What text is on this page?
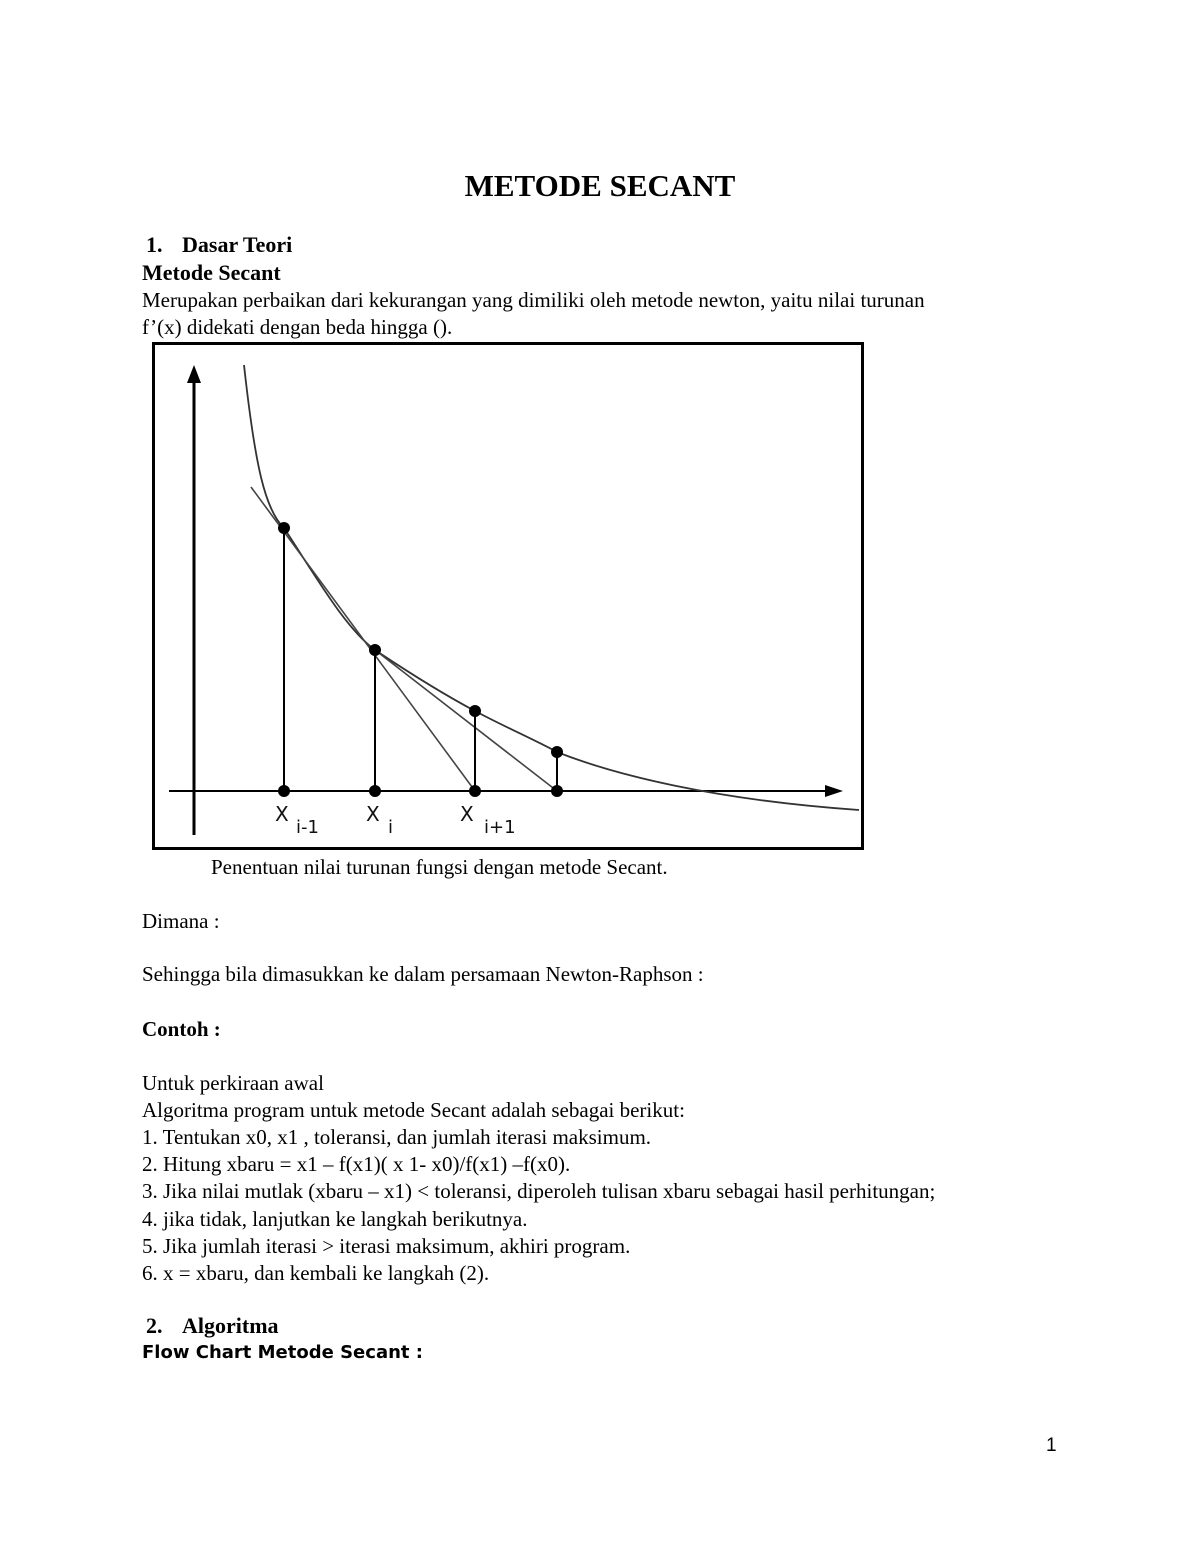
METODE SECANT
1. Dasar Teori
Metode Secant
Merupakan perbaikan dari kekurangan yang dimiliki oleh metode newton, yaitu nilai turunan
f’(x) didekati dengan beda hingga ().
X
i-1
X
i
X
i+1
Penentuan nilai turunan fungsi dengan metode Secant.
Dimana :
Sehingga bila dimasukkan ke dalam persamaan Newton-Raphson :
Contoh :
Untuk perkiraan awal
Algoritma program untuk metode Secant adalah sebagai berikut:
1. Tentukan x0, x1 , toleransi, dan jumlah iterasi maksimum.
2. Hitung xbaru = x1 – f(x1)( x 1- x0)/f(x1) –f(x0).
3. Jika nilai mutlak (xbaru – x1) < toleransi, diperoleh tulisan xbaru sebagai hasil perhitungan;
4. jika tidak, lanjutkan ke langkah berikutnya.
5. Jika jumlah iterasi > iterasi maksimum, akhiri program.
6. x = xbaru, dan kembali ke langkah (2).
2. Algoritma
Flow Chart Metode Secant :
1
